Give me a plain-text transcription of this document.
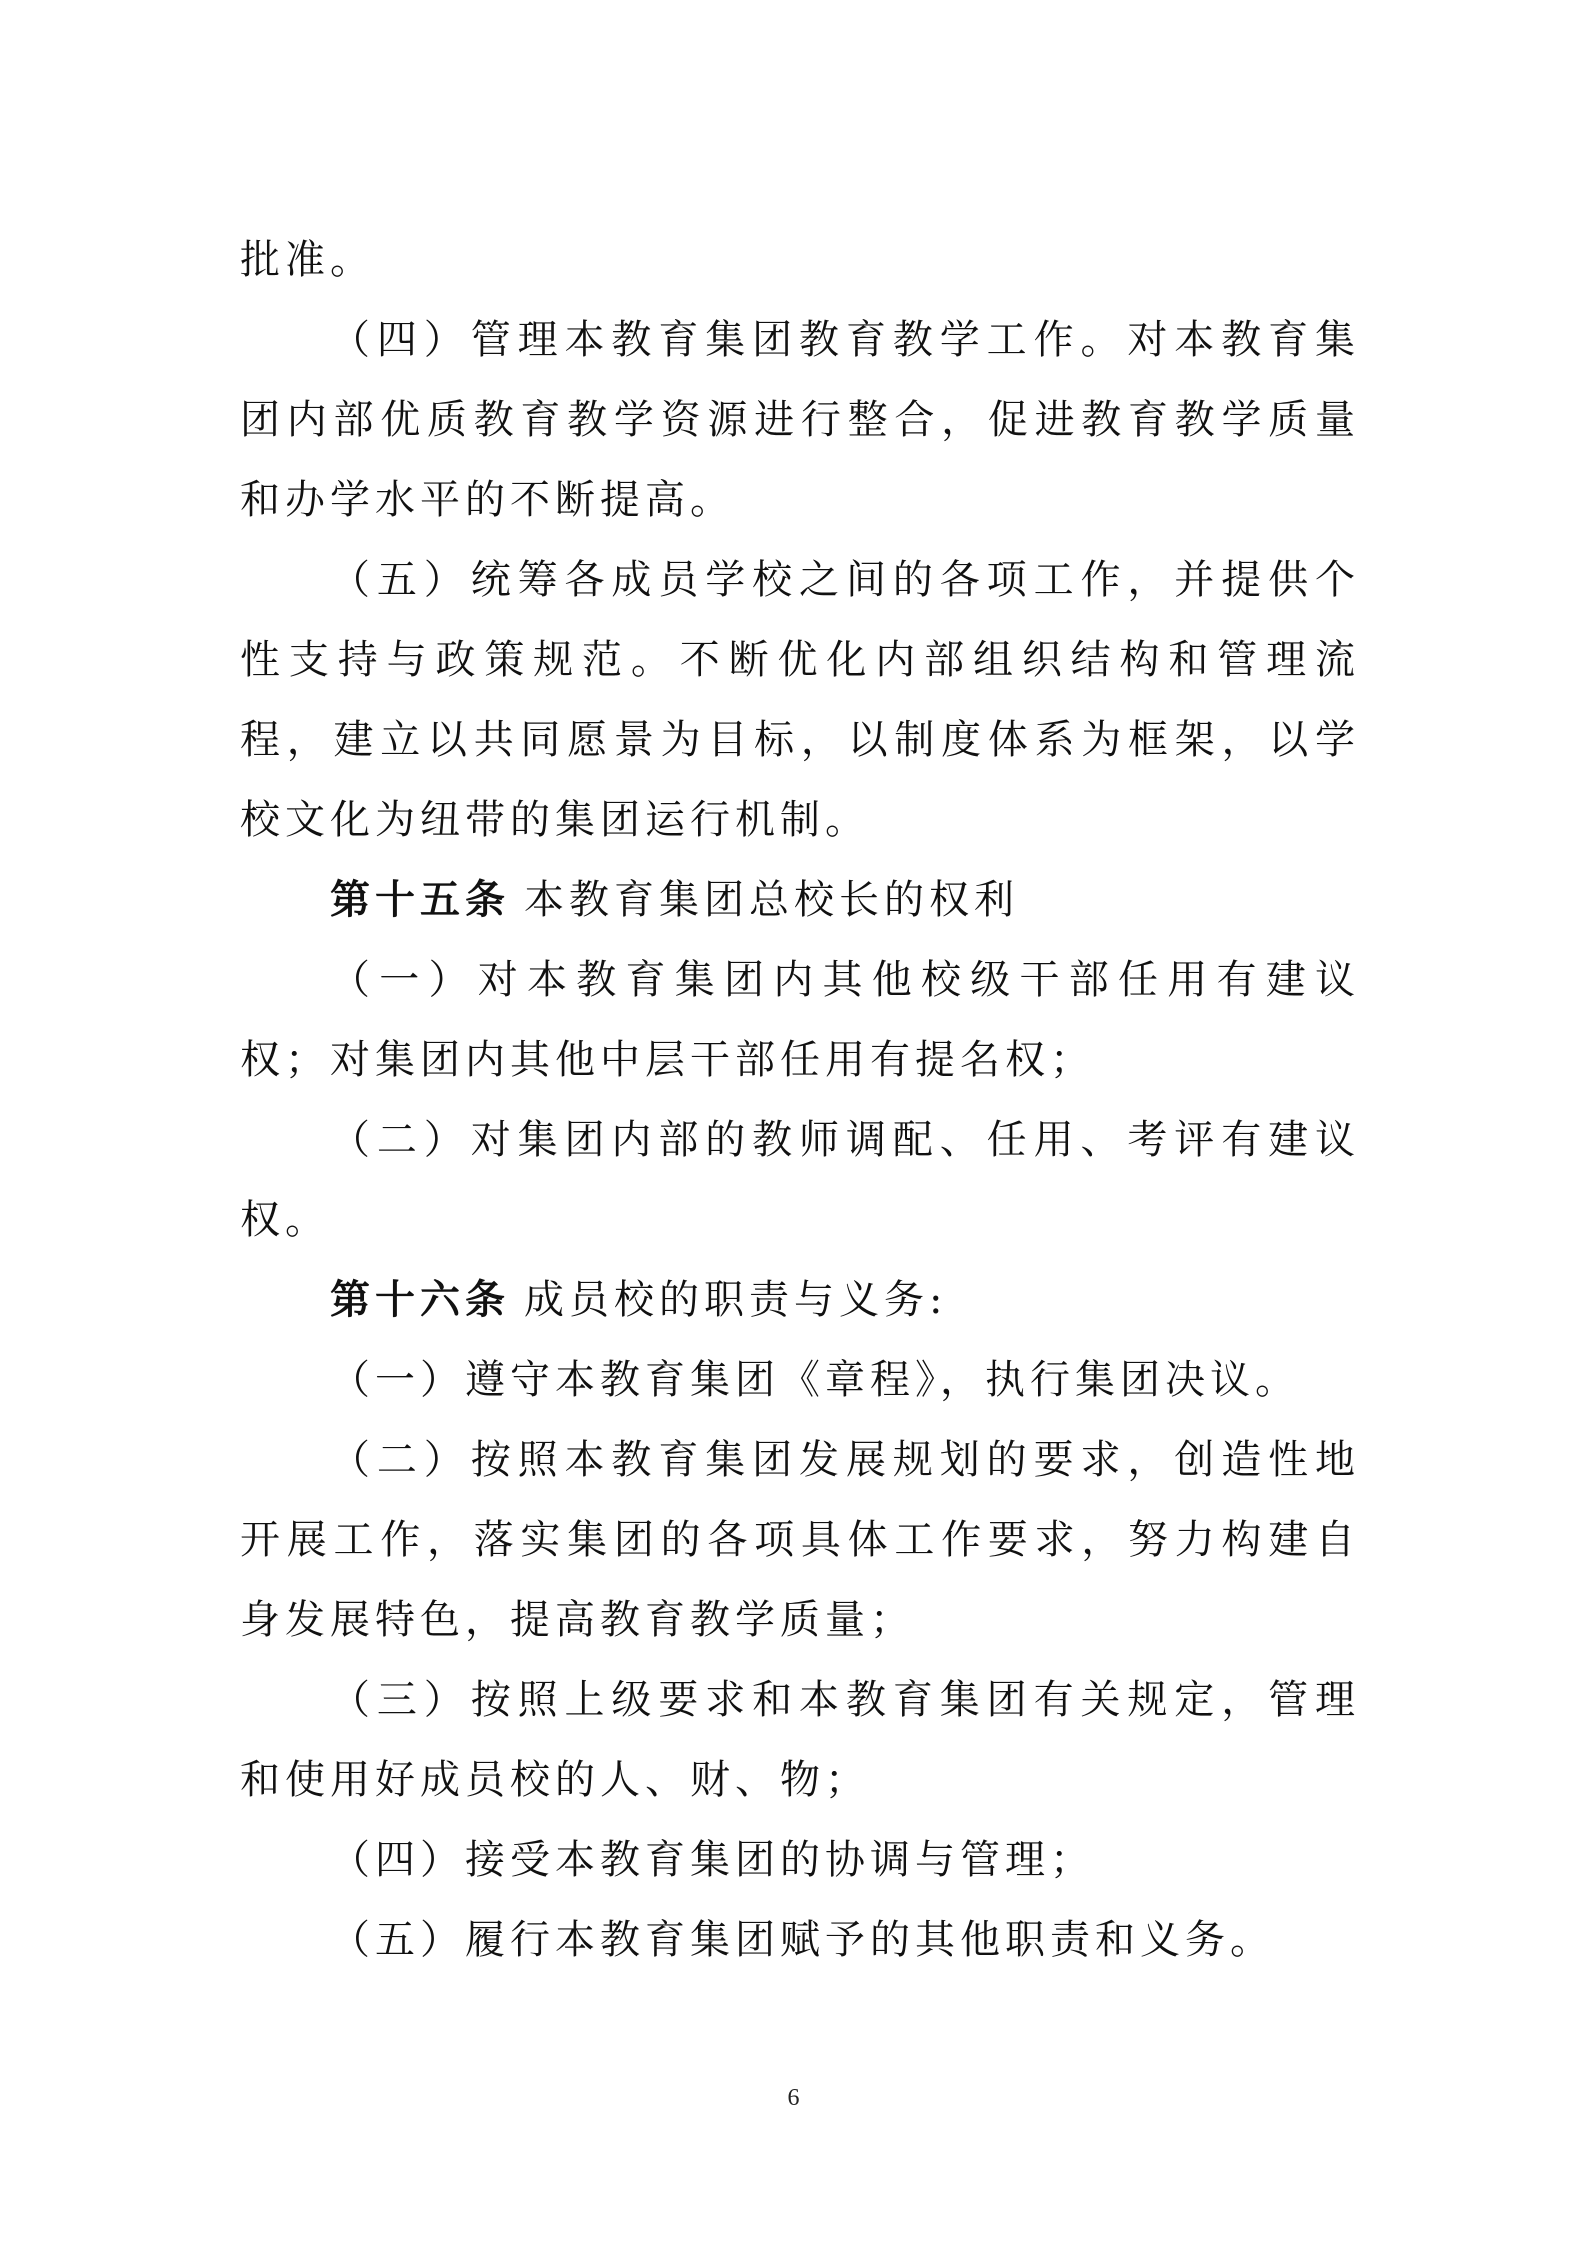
批准。

（四）管理本教育集团教育教学工作。对本教育集团内部优质教育教学资源进行整合，促进教育教学质量和办学水平的不断提高。

（五）统筹各成员学校之间的各项工作，并提供个性支持与政策规范。不断优化内部组织结构和管理流程，建立以共同愿景为目标，以制度体系为框架，以学校文化为纽带的集团运行机制。

第十五条 本教育集团总校长的权利

（一）对本教育集团内其他校级干部任用有建议权；对集团内其他中层干部任用有提名权；

（二）对集团内部的教师调配、任用、考评有建议权。

第十六条 成员校的职责与义务:

（一）遵守本教育集团《章程》，执行集团决议。

（二）按照本教育集团发展规划的要求，创造性地开展工作，落实集团的各项具体工作要求，努力构建自身发展特色，提高教育教学质量；

（三）按照上级要求和本教育集团有关规定，管理和使用好成员校的人、财、物；

（四）接受本教育集团的协调与管理；

（五）履行本教育集团赋予的其他职责和义务。

6
